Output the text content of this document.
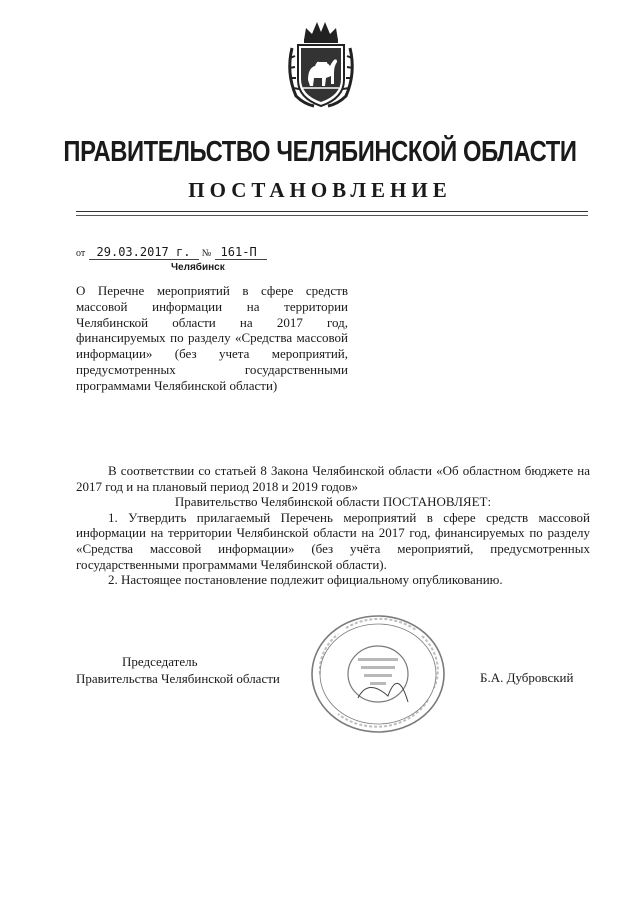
ПРАВИТЕЛЬСТВО ЧЕЛЯБИНСКОЙ ОБЛАСТИ
ПОСТАНОВЛЕНИЕ
от 29.03.2017 г. № 161-П
Челябинск
О Перечне мероприятий в сфере средств массовой информации на территории Челябинской области на 2017 год, финансируемых по разделу «Средства массовой информации» (без учета мероприятий, предусмотренных государственными программами Челябинской области)

В соответствии со статьей 8 Закона Челябинской области «Об областном бюджете на 2017 год и на плановый период 2018 и 2019 годов»

Правительство Челябинской области ПОСТАНОВЛЯЕТ:

1. Утвердить прилагаемый Перечень мероприятий в сфере средств массовой информации на территории Челябинской области на 2017 год, финансируемых по разделу «Средства массовой информации» (без учёта мероприятий, предусмотренных государственными программами Челябинской области).

2. Настоящее постановление подлежит официальному опубликованию.

Председатель
Правительства Челябинской области	Б.А. Дубровский
